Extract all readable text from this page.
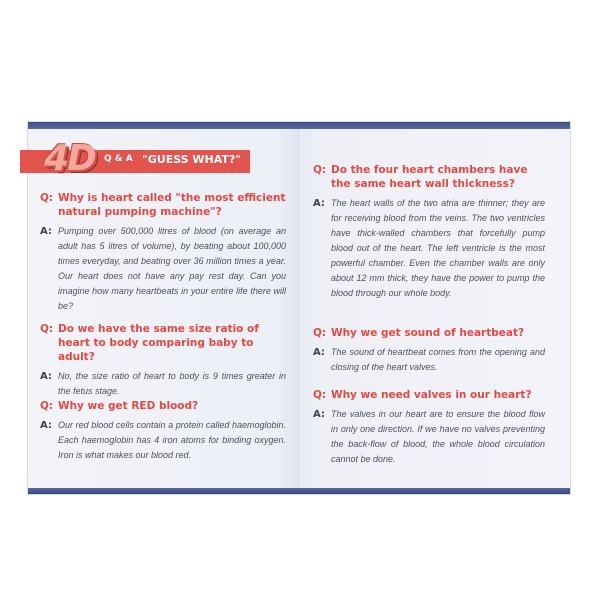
4D Q & A "GUESS WHAT?"
Q: Why is heart called "the most efficient natural pumping machine"?

A: Pumping over 500,000 litres of blood (on average an adult has 5 litres of volume), by beating about 100,000 times everyday, and beating over 36 million times a year. Our heart does not have any pay rest day. Can you imagine how many heartbeats in your entire life there will be?

Q: Do we have the same size ratio of heart to body comparing baby to adult?

A: No, the size ratio of heart to body is 9 times greater in the fetus stage.

Q: Why we get RED blood?

A: Our red blood cells contain a protein called haemoglobin. Each haemoglobin has 4 iron atoms for binding oxygen. Iron is what makes our blood red.

Q: Do the four heart chambers have the same heart wall thickness?

A: The heart walls of the two atria are thinner; they are for receiving blood from the veins. The two ventricles have thick-walled chambers that forcefully pump blood out of the heart. The left ventricle is the most powerful chamber. Even the chamber walls are only about 12 mm thick, they have the power to pump the blood through our whole body.

Q: Why we get sound of heartbeat?

A: The sound of heartbeat comes from the opening and closing of the heart valves.

Q: Why we need valves in our heart?

A: The valves in our heart are to ensure the blood flow in only one direction. If we have no valves preventing the back-flow of blood, the whole blood circulation cannot be done.
